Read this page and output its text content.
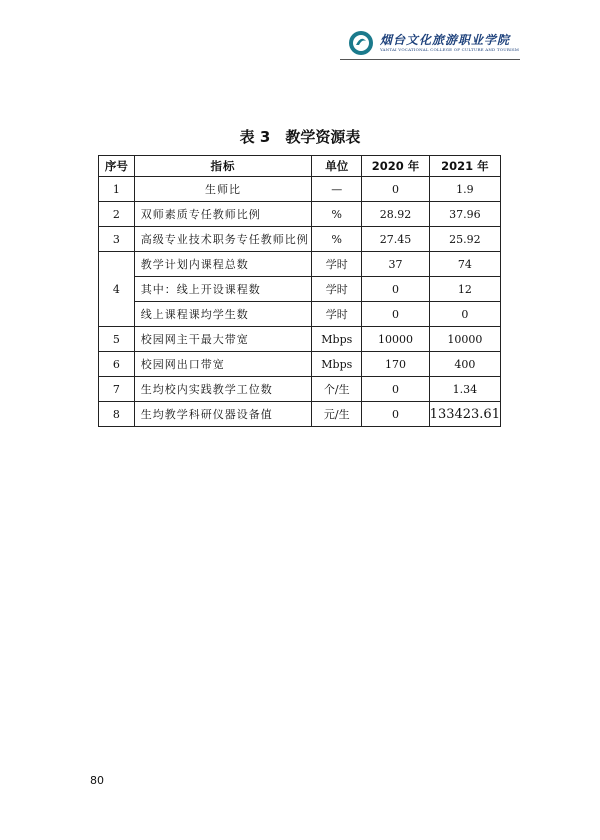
烟台文化旅游职业学院
YANTAI VOCATIONAL COLLEGE OF CULTURE AND TOURISM
表 3　教学资源表
序号	指标	单位	2020 年	2021 年
1	生师比	—	0	1.9
2	双师素质专任教师比例	%	28.92	37.96
3	高级专业技术职务专任教师比例	%	27.45	25.92
4	教学计划内课程总数	学时	37	74
	其中：线上开设课程数	学时	0	12
	线上课程课均学生数	学时	0	0
5	校园网主干最大带宽	Mbps	10000	10000
6	校园网出口带宽	Mbps	170	400
7	生均校内实践教学工位数	个/生	0	1.34
8	生均教学科研仪器设备值	元/生	0	133423.61
80
